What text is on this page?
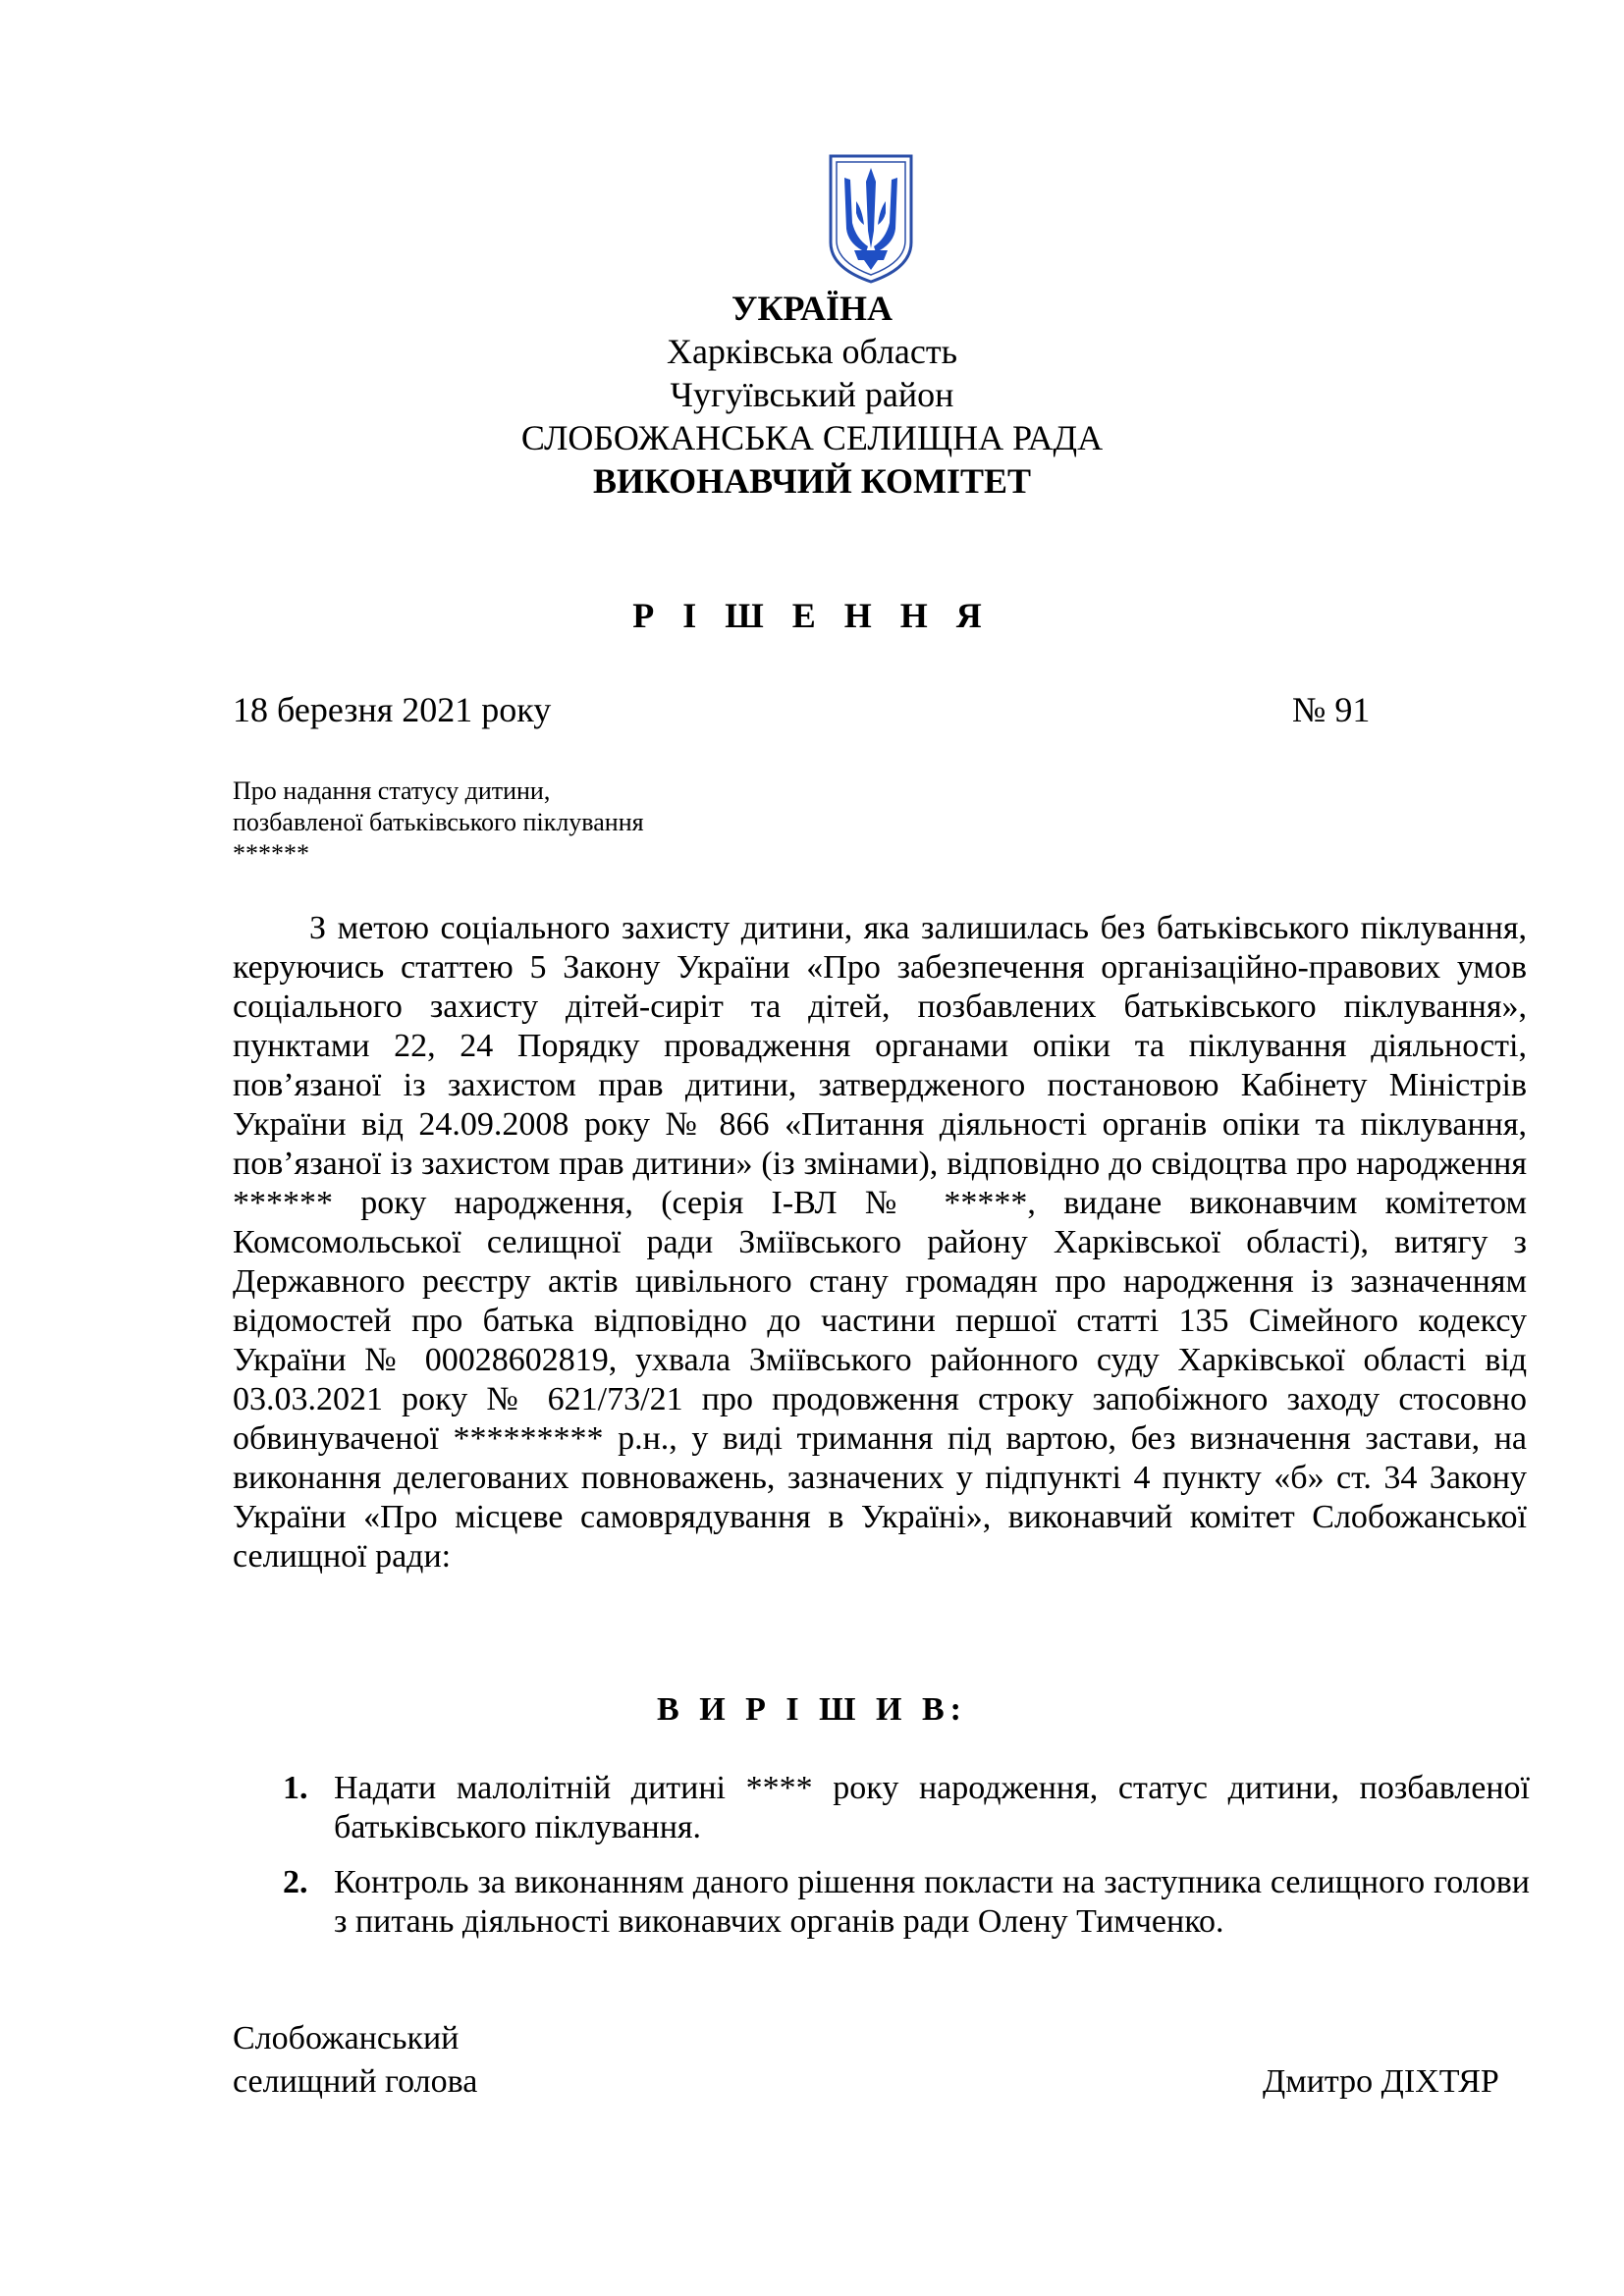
УКРАЇНА
Харківська область
Чугуївський район
СЛОБОЖАНСЬКА СЕЛИЩНА РАДА
ВИКОНАВЧИЙ КОМІТЕТ
Р І Ш Е Н Н Я
18 березня 2021 року	№ 91
Про надання статусу дитини,
позбавленої батьківського піклування
******

З метою соціального захисту дитини, яка залишилась без батьківського піклування, керуючись статтею 5 Закону України «Про забезпечення організаційно-правових умов соціального захисту дітей-сиріт та дітей, позбавлених батьківського піклування», пунктами 22, 24 Порядку провадження органами опіки та піклування діяльності, пов’язаної із захистом прав дитини, затвердженого постановою Кабінету Міністрів України від 24.09.2008 року № 866 «Питання діяльності органів опіки та піклування, пов’язаної із захистом прав дитини» (із змінами), відповідно до свідоцтва про народження ****** року народження, (серія І-ВЛ № *****, видане виконавчим комітетом Комсомольської селищної ради Зміївського району Харківської області), витягу з Державного реєстру актів цивільного стану громадян про народження із зазначенням відомостей про батька відповідно до частини першої статті 135 Сімейного кодексу України № 00028602819, ухвала Зміївського районного суду Харківської області від 03.03.2021 року № 621/73/21 про продовження строку запобіжного заходу стосовно обвинуваченої ********* р.н., у виді тримання під вартою, без визначення застави, на виконання делегованих повноважень, зазначених у підпункті 4 пункту «б» ст. 34 Закону України «Про місцеве самоврядування в Україні», виконавчий комітет Слобожанської селищної ради:

В И Р І Ш И В:
1. Надати малолітній дитині **** року народження, статус дитини, позбавленої батьківського піклування.
2. Контроль за виконанням даного рішення покласти на заступника селищного голови з питань діяльності виконавчих органів ради Олену Тимченко.
Слобожанський
селищний голова	Дмитро ДІХТЯР
